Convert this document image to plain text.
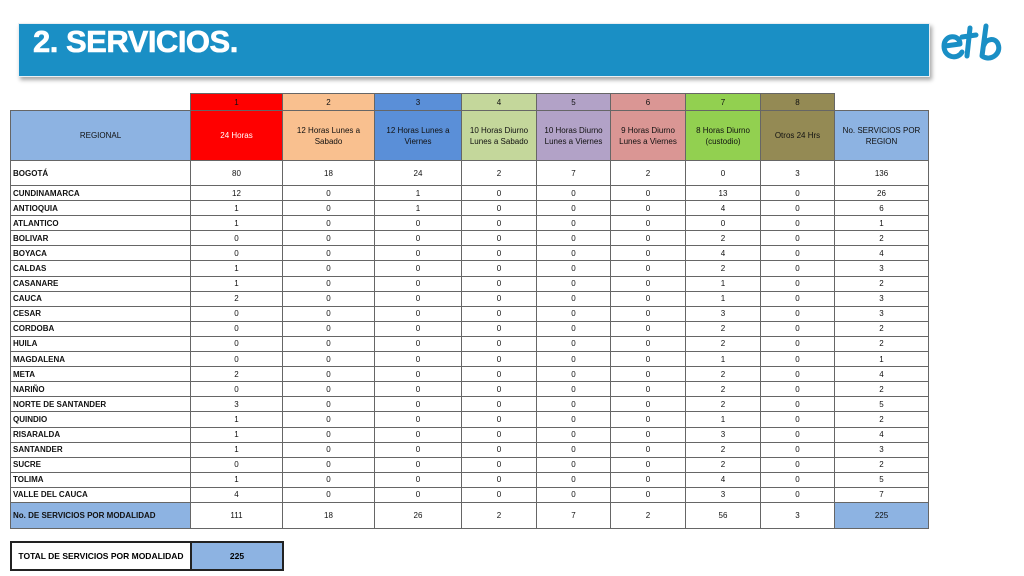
2. SERVICIOS.
	1	2	3	4	5	6	7	8	
REGIONAL	24 Horas	12 Horas Lunes a Sabado	12 Horas Lunes a Viernes	10 Horas Diurno Lunes a Sabado	10 Horas Diurno Lunes a Viernes	9 Horas Diurno Lunes a Viernes	8 Horas Diurno (custodio)	Otros 24 Hrs	No. SERVICIOS POR REGION
BOGOTÁ	80	18	24	2	7	2	0	3	136
CUNDINAMARCA	12	0	1	0	0	0	13	0	26
ANTIOQUIA	1	0	1	0	0	0	4	0	6
ATLANTICO	1	0	0	0	0	0	0	0	1
BOLIVAR	0	0	0	0	0	0	2	0	2
BOYACA	0	0	0	0	0	0	4	0	4
CALDAS	1	0	0	0	0	0	2	0	3
CASANARE	1	0	0	0	0	0	1	0	2
CAUCA	2	0	0	0	0	0	1	0	3
CESAR	0	0	0	0	0	0	3	0	3
CORDOBA	0	0	0	0	0	0	2	0	2
HUILA	0	0	0	0	0	0	2	0	2
MAGDALENA	0	0	0	0	0	0	1	0	1
META	2	0	0	0	0	0	2	0	4
NARIÑO	0	0	0	0	0	0	2	0	2
NORTE DE SANTANDER	3	0	0	0	0	0	2	0	5
QUINDIO	1	0	0	0	0	0	1	0	2
RISARALDA	1	0	0	0	0	0	3	0	4
SANTANDER	1	0	0	0	0	0	2	0	3
SUCRE	0	0	0	0	0	0	2	0	2
TOLIMA	1	0	0	0	0	0	4	0	5
VALLE DEL CAUCA	4	0	0	0	0	0	3	0	7
No. DE SERVICIOS POR MODALIDAD	111	18	26	2	7	2	56	3	225
TOTAL DE SERVICIOS POR MODALIDAD	225
